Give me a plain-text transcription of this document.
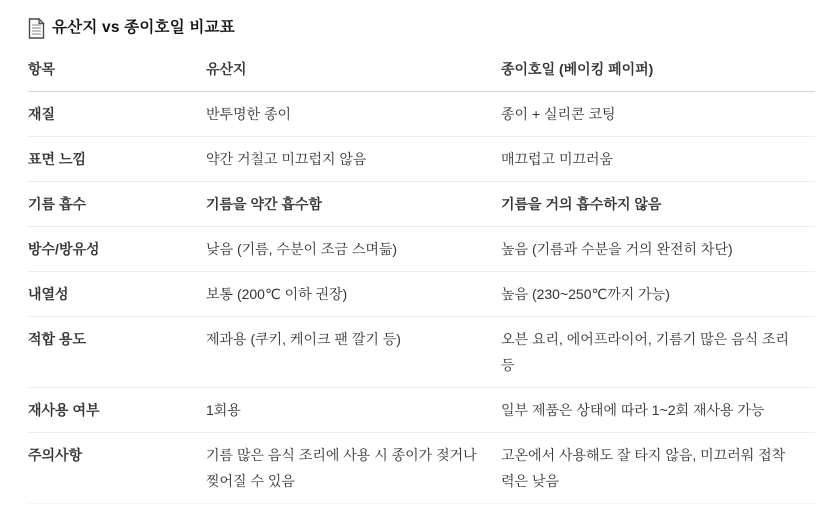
유산지 vs 종이호일 비교표
항목	유산지	종이호일 (베이킹 페이퍼)
재질	반투명한 종이	종이 + 실리콘 코팅
표면 느낌	약간 거칠고 미끄럽지 않음	매끄럽고 미끄러움
기름 흡수	기름을 약간 흡수함	기름을 거의 흡수하지 않음
방수/방유성	낮음 (기름, 수분이 조금 스며듦)	높음 (기름과 수분을 거의 완전히 차단)
내열성	보통 (200℃ 이하 권장)	높음 (230~250℃까지 가능)
적합 용도	제과용 (쿠키, 케이크 팬 깔기 등)	오븐 요리, 에어프라이어, 기름기 많은 음식 조리 등
재사용 여부	1회용	일부 제품은 상태에 따라 1~2회 재사용 가능
주의사항	기름 많은 음식 조리에 사용 시 종이가 젖거나 찢어질 수 있음	고온에서 사용해도 잘 타지 않음, 미끄러워 접착력은 낮음
